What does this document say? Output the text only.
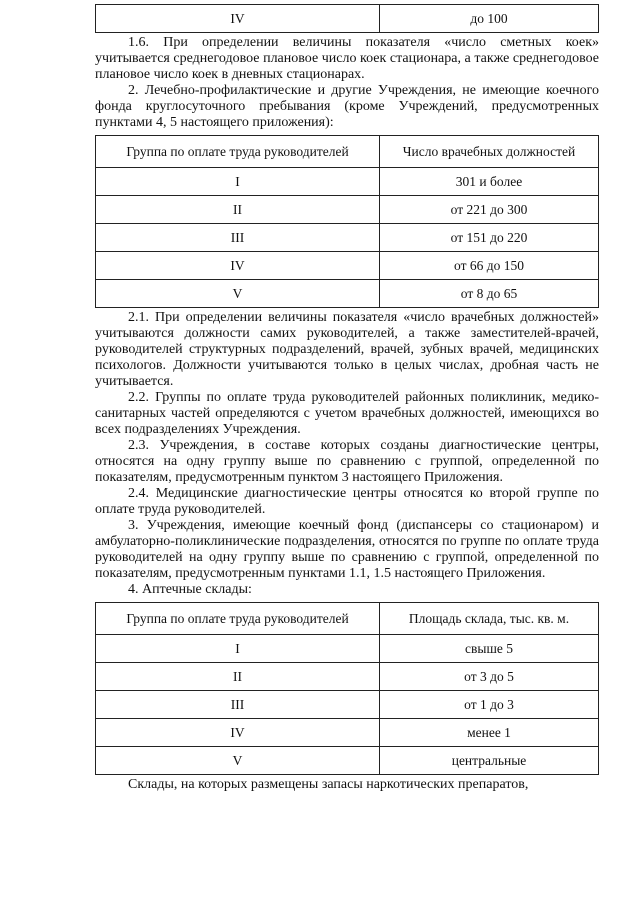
IV	до 100

1.6. При определении величины показателя «число сметных коек» учитывается среднегодовое плановое число коек стационара, а также среднегодовое плановое число коек в дневных стационарах.

2. Лечебно-профилактические и другие Учреждения, не имеющие коечного фонда круглосуточного пребывания (кроме Учреждений, предусмотренных пунктами 4, 5 настоящего приложения):

Группа по оплате труда руководителей	Число врачебных должностей
I	301 и более
II	от 221 до 300
III	от 151 до 220
IV	от 66 до 150
V	от 8 до 65

2.1. При определении величины показателя «число врачебных должностей» учитываются должности самих руководителей, а также заместителей-врачей, руководителей структурных подразделений, врачей, зубных врачей, медицинских психологов. Должности учитываются только в целых числах, дробная часть не учитывается.

2.2. Группы по оплате труда руководителей районных поликлиник, медико-санитарных частей определяются с учетом врачебных должностей, имеющихся во всех подразделениях Учреждения.

2.3. Учреждения, в составе которых созданы диагностические центры, относятся на одну группу выше по сравнению с группой, определенной по показателям, предусмотренным пунктом 3 настоящего Приложения.

2.4. Медицинские диагностические центры относятся ко второй группе по оплате труда руководителей.

3. Учреждения, имеющие коечный фонд (диспансеры со стационаром) и амбулаторно-поликлинические подразделения, относятся по группе по оплате труда руководителей на одну группу выше по сравнению с группой, определенной по показателям, предусмотренным пунктами 1.1, 1.5 настоящего Приложения.

4. Аптечные склады:

Группа по оплате труда руководителей	Площадь склада, тыс. кв. м.
I	свыше 5
II	от 3 до 5
III	от 1 до 3
IV	менее 1
V	центральные

Склады, на которых размещены запасы наркотических препаратов,
